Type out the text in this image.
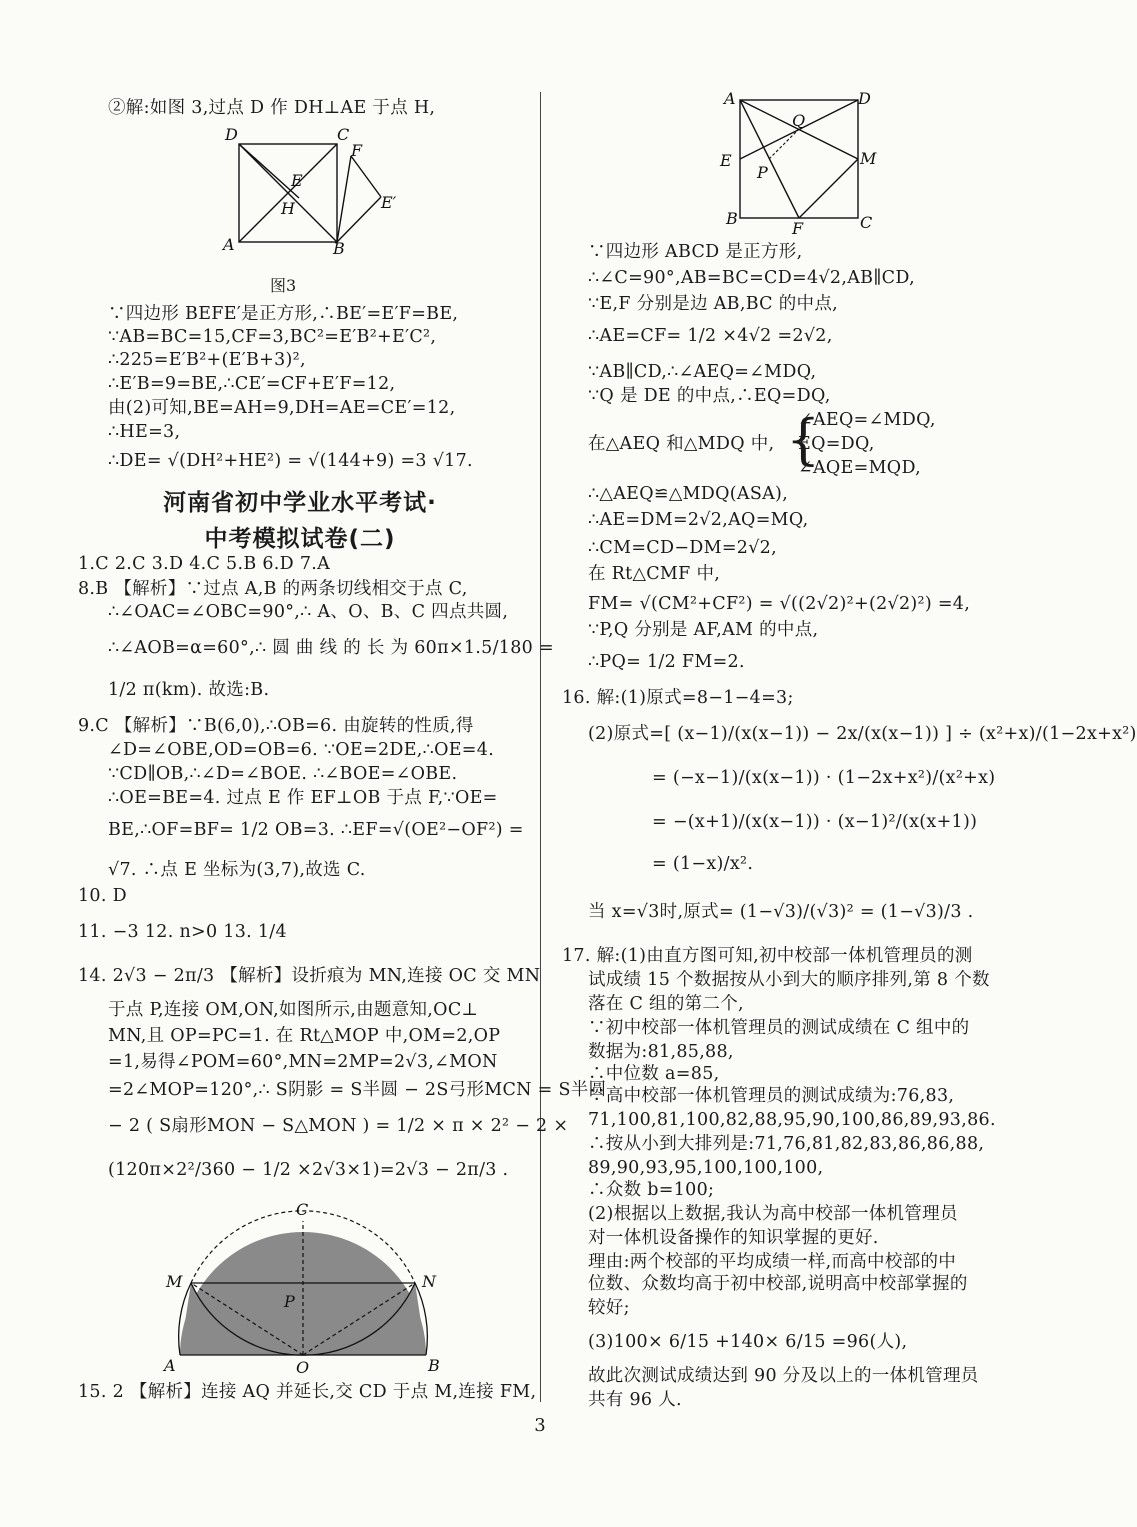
②解:如图 3,过点 D 作 DH⊥AE 于点 H,
D	C
F
E
H	E′
A	B
图3
∵四边形 BEFE′是正方形,∴BE′=E′F=BE,
∵AB=BC=15,CF=3,BC²=E′B²+E′C²,
∴225=E′B²+(E′B+3)²,
∴E′B=9=BE,∴CE′=CF+E′F=12,
由(2)可知,BE=AH=9,DH=AE=CE′=12,
∴HE=3,
∴DE= √(DH²+HE²) = √(144+9) =3 √17.
河南省初中学业水平考试·
中考模拟试卷(二)
1.C 2.C 3.D 4.C 5.B 6.D 7.A
8.B 【解析】∵过点 A,B 的两条切线相交于点 C,
∴∠OAC=∠OBC=90°,∴ A、O、B、C 四点共圆,
∴∠AOB=α=60°,∴ 圆 曲 线 的 长 为 60π×1.5/180 =
1/2 π(km). 故选:B.
9.C 【解析】∵B(6,0),∴OB=6. 由旋转的性质,得
∠D=∠OBE,OD=OB=6. ∵OE=2DE,∴OE=4.
∵CD∥OB,∴∠D=∠BOE. ∴∠BOE=∠OBE.
∴OE=BE=4. 过点 E 作 EF⊥OB 于点 F,∵OE=
BE,∴OF=BF= 1/2 OB=3. ∴EF=√(OE²−OF²) =
√7. ∴点 E 坐标为(3,7),故选 C.
10. D
11. −3 12. n>0 13. 1/4
14. 2√3 − 2π/3 【解析】设折痕为 MN,连接 OC 交 MN
于点 P,连接 OM,ON,如图所示,由题意知,OC⊥
MN,且 OP=PC=1. 在 Rt△MOP 中,OM=2,OP
=1,易得∠POM=60°,MN=2MP=2√3,∠MON
=2∠MOP=120°,∴ S阴影 = S半圆 − 2S弓形MCN = S半圆
− 2 ( S扇形MON − S△MON ) = 1/2 × π × 2² − 2 ×
(120π×2²/360 − 1/2 ×2√3×1)=2√3 − 2π/3 .
C
M	N
P
A	O	B
15. 2 【解析】连接 AQ 并延长,交 CD 于点 M,连接 FM,
A	D
Q
E
P
M
B
F	C
∵四边形 ABCD 是正方形,
∴∠C=90°,AB=BC=CD=4√2,AB∥CD,
∵E,F 分别是边 AB,BC 的中点,
∴AE=CF= 1/2 ×4√2 =2√2,
∵AB∥CD,∴∠AEQ=∠MDQ,
∵Q 是 DE 的中点,∴EQ=DQ,
∠AEQ=∠MDQ,
在△AEQ 和△MDQ 中, {
EQ=DQ,
∠AQE=MQD,
∴△AEQ≌△MDQ(ASA),
∴AE=DM=2√2,AQ=MQ,
∴CM=CD−DM=2√2,
在 Rt△CMF 中,
FM= √(CM²+CF²) = √((2√2)²+(2√2)²) =4,
∵P,Q 分别是 AF,AM 的中点,
∴PQ= 1/2 FM=2.
16. 解:(1)原式=8−1−4=3;
(2)原式=[ (x−1)/(x(x−1)) − 2x/(x(x−1)) ] ÷ (x²+x)/(1−2x+x²)
= (−x−1)/(x(x−1)) · (1−2x+x²)/(x²+x)
= −(x+1)/(x(x−1)) · (x−1)²/(x(x+1))
= (1−x)/x².
当 x=√3时,原式= (1−√3)/(√3)² = (1−√3)/3 .
17. 解:(1)由直方图可知,初中校部一体机管理员的测
试成绩 15 个数据按从小到大的顺序排列,第 8 个数
落在 C 组的第二个,
∵初中校部一体机管理员的测试成绩在 C 组中的
数据为:81,85,88,
∴中位数 a=85,
∵高中校部一体机管理员的测试成绩为:76,83,
71,100,81,100,82,88,95,90,100,86,89,93,86.
∴按从小到大排列是:71,76,81,82,83,86,86,88,
89,90,93,95,100,100,100,
∴众数 b=100;
(2)根据以上数据,我认为高中校部一体机管理员
对一体机设备操作的知识掌握的更好.
理由:两个校部的平均成绩一样,而高中校部的中
位数、众数均高于初中校部,说明高中校部掌握的
较好;
(3)100× 6/15 +140× 6/15 =96(人),
故此次测试成绩达到 90 分及以上的一体机管理员
共有 96 人.
3
